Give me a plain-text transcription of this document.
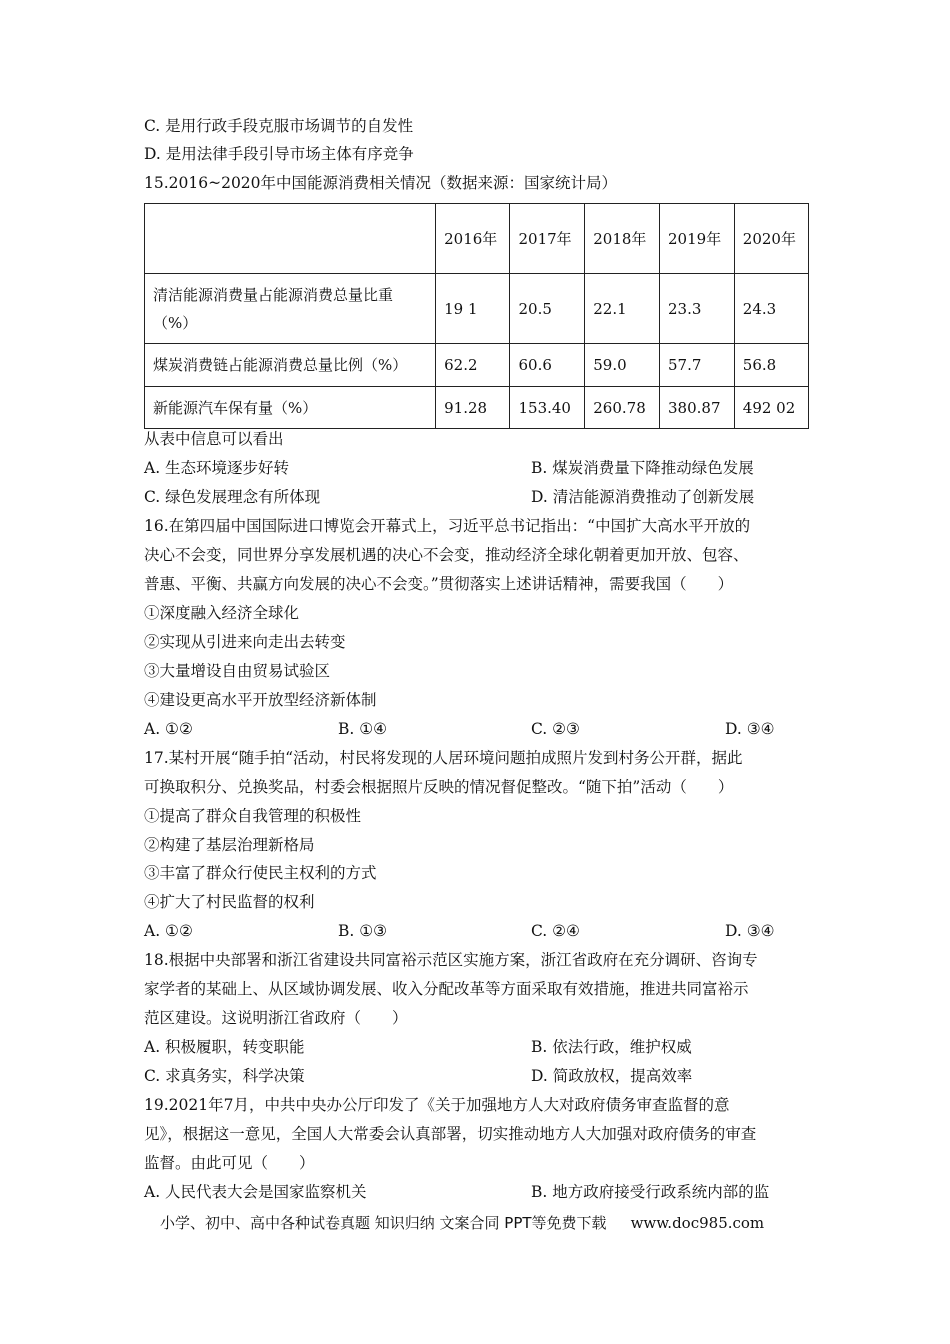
C. 是用行政手段克服市场调节的自发性
D. 是用法律手段引导市场主体有序竞争
15.2016~2020年中国能源消费相关情况（数据来源：国家统计局）
	2016年	2017年	2018年	2019年	2020年
清洁能源消费量占能源消费总量比重（%）	19 1	20.5	22.1	23.3	24.3
煤炭消费链占能源消费总量比例（%）	62.2	60.6	59.0	57.7	56.8
新能源汽车保有量（%）	91.28	153.40	260.78	380.87	492 02
从表中信息可以看出
A. 生态环境逐步好转	B. 煤炭消费量下降推动绿色发展
C. 绿色发展理念有所体现	D. 清洁能源消费推动了创新发展
16.在第四届中国国际进口博览会开幕式上，习近平总书记指出：“中国扩大高水平开放的
决心不会变，同世界分享发展机遇的决心不会变，推动经济全球化朝着更加开放、包容、
普惠、平衡、共赢方向发展的决心不会变。”贯彻落实上述讲话精神，需要我国（　　）
①深度融入经济全球化
②实现从引进来向走出去转变
③大量增设自由贸易试验区
④建设更高水平开放型经济新体制
A. ①②	B. ①④	C. ②③	D. ③④
17.某村开展“随手拍“活动，村民将发现的人居环境问题拍成照片发到村务公开群，据此
可换取积分、兑换奖品，村委会根据照片反映的情况督促整改。“随下拍”活动（　　）
①提高了群众自我管理的积极性
②构建了基层治理新格局
③丰富了群众行使民主权利的方式
④扩大了村民监督的权利
A. ①②	B. ①③	C. ②④	D. ③④
18.根据中央部署和浙江省建设共同富裕示范区实施方案，浙江省政府在充分调研、咨询专
家学者的某础上、从区域协调发展、收入分配改革等方面采取有效措施，推进共同富裕示
范区建设。这说明浙江省政府（　　）
A. 积极履职，转变职能	B. 依法行政，维护权威
C. 求真务实，科学决策	D. 简政放权，提高效率
19.2021年7月，中共中央办公厅印发了《关于加强地方人大对政府债务审查监督的意
见》，根据这一意见，全国人大常委会认真部署，切实推动地方人大加强对政府债务的审查
监督。由此可见（　　）
A. 人民代表大会是国家监察机关	B. 地方政府接受行政系统内部的监
小学、初中、高中各种试卷真题 知识归纳 文案合同 PPT等免费下载 www.doc985.com
